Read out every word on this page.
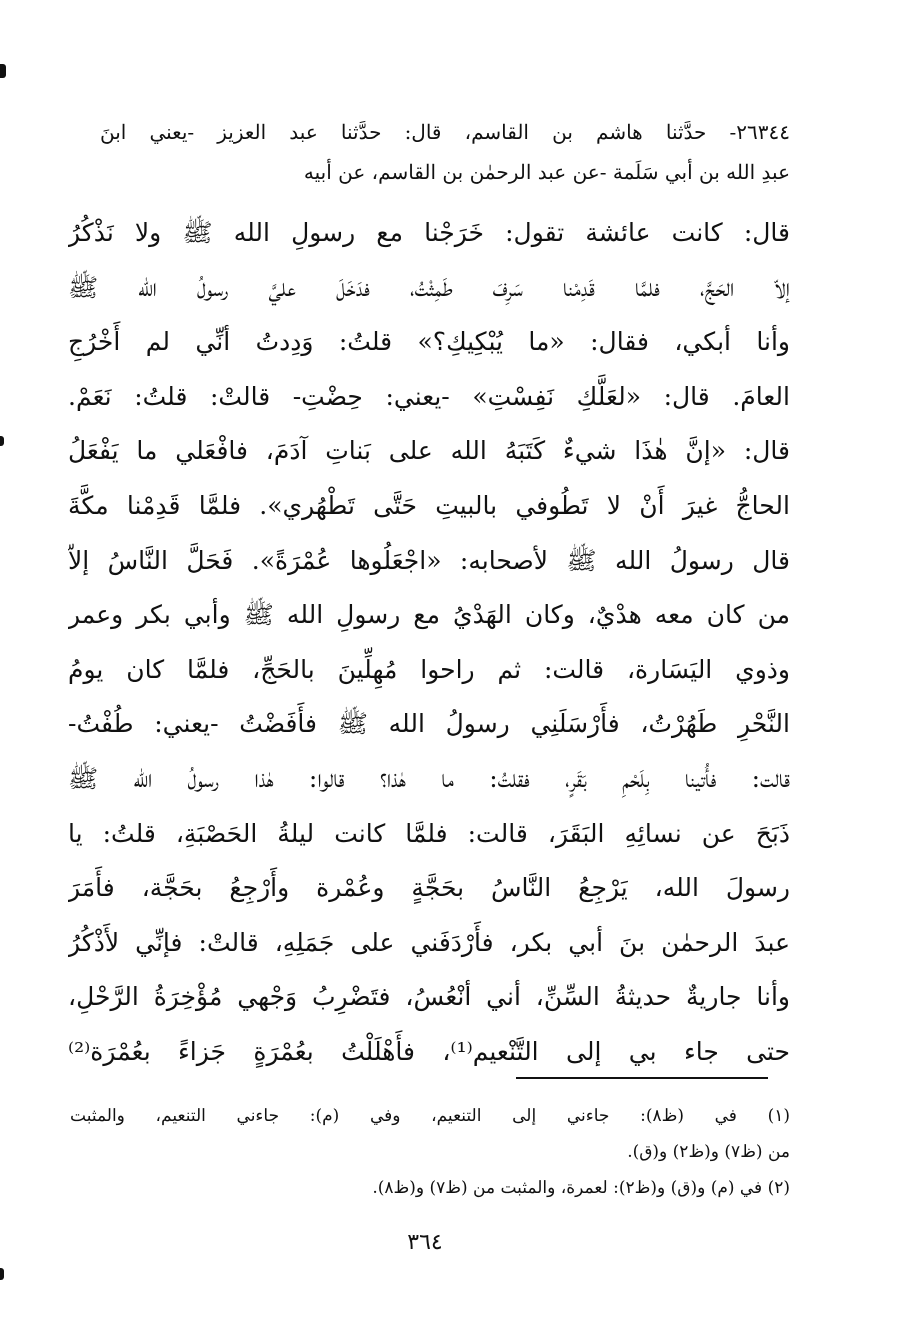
٢٦٣٤٤- حدَّثنا هاشم بن القاسم، قال: حدَّثنا عبد العزيز -يعني ابنَ
عبدِ الله بن أبي سَلَمة -عن عبد الرحمٰن بن القاسم، عن أبيه
قال: كانت عائشة تقول: خَرَجْنا مع رسولِ الله ﷺ ولا نَذْكُرُ
إلاّ الحَجَّ، فلمَّا قَدِمْنا سَرِفَ طَمِثْتُ، فدَخَلَ عليَّ رسولُ الله ﷺ
وأنا أبكي، فقال: «ما يُبْكِيكِ؟» قلتُ: وَدِدتُ أنِّي لم أَخْرُجِ
العامَ. قال: «لعَلَّكِ نَفِسْتِ» -يعني: حِضْتِ- قالتْ: قلتُ: نَعَمْ.
قال: «إنَّ هٰذَا شيءٌ كَتَبَهُ الله على بَناتِ آدَمَ، فافْعَلي ما يَفْعَلُ
الحاجُّ غيرَ أَنْ لا تَطُوفي بالبيتِ حَتَّى تَطْهُري». فلمَّا قَدِمْنا مكَّةَ
قال رسولُ الله ﷺ لأصحابه: «اجْعَلُوها عُمْرَةً». فَحَلَّ النَّاسُ إلاّ
من كان معه هدْيٌ، وكان الهَدْيُ مع رسولِ الله ﷺ وأبي بكر وعمر
وذوي اليَسَارة، قالت: ثم راحوا مُهِلِّينَ بالحَجِّ، فلمَّا كان يومُ
النَّحْرِ طَهُرْتُ، فأَرْسَلَنِي رسولُ الله ﷺ فأَفَضْتُ -يعني: طُفْتُ-
قالت: فأُتينا بِلَحْمِ بَقَرٍ، فقلتُ: ما هٰذا؟ قالوا: هٰذا رسولُ الله ﷺ
ذَبَحَ عن نسائِهِ البَقَرَ، قالت: فلمَّا كانت ليلةُ الحَصْبَةِ، قلتُ: يا
رسولَ الله، يَرْجِعُ النَّاسُ بحَجَّةٍ وعُمْرة وأَرْجِعُ بحَجَّة، فأَمَرَ
عبدَ الرحمٰن بنَ أبي بكر، فأَرْدَفَني على جَمَلِهِ، قالتْ: فإنِّي لأَذْكُرُ
وأنا جاريةٌ حديثةُ السِّنِّ، أني أنْعُسُ، فتَضْرِبُ وَجْهي مُؤْخِرَةُ الرَّحْلِ،
حتى جاء بي إلى التَّنْعيم⁽¹⁾، فأَهْلَلْتُ بعُمْرَةٍ جَزاءً بعُمْرَة⁽²⁾
(١) في (ظ٨): جاءني إلى التنعيم، وفي (م): جاءني التنعيم، والمثبت
من (ظ٧) و(ظ٢) و(ق).
(٢) في (م) و(ق) و(ظ٢): لعمرة، والمثبت من (ظ٧) و(ظ٨).
٣٦٤
